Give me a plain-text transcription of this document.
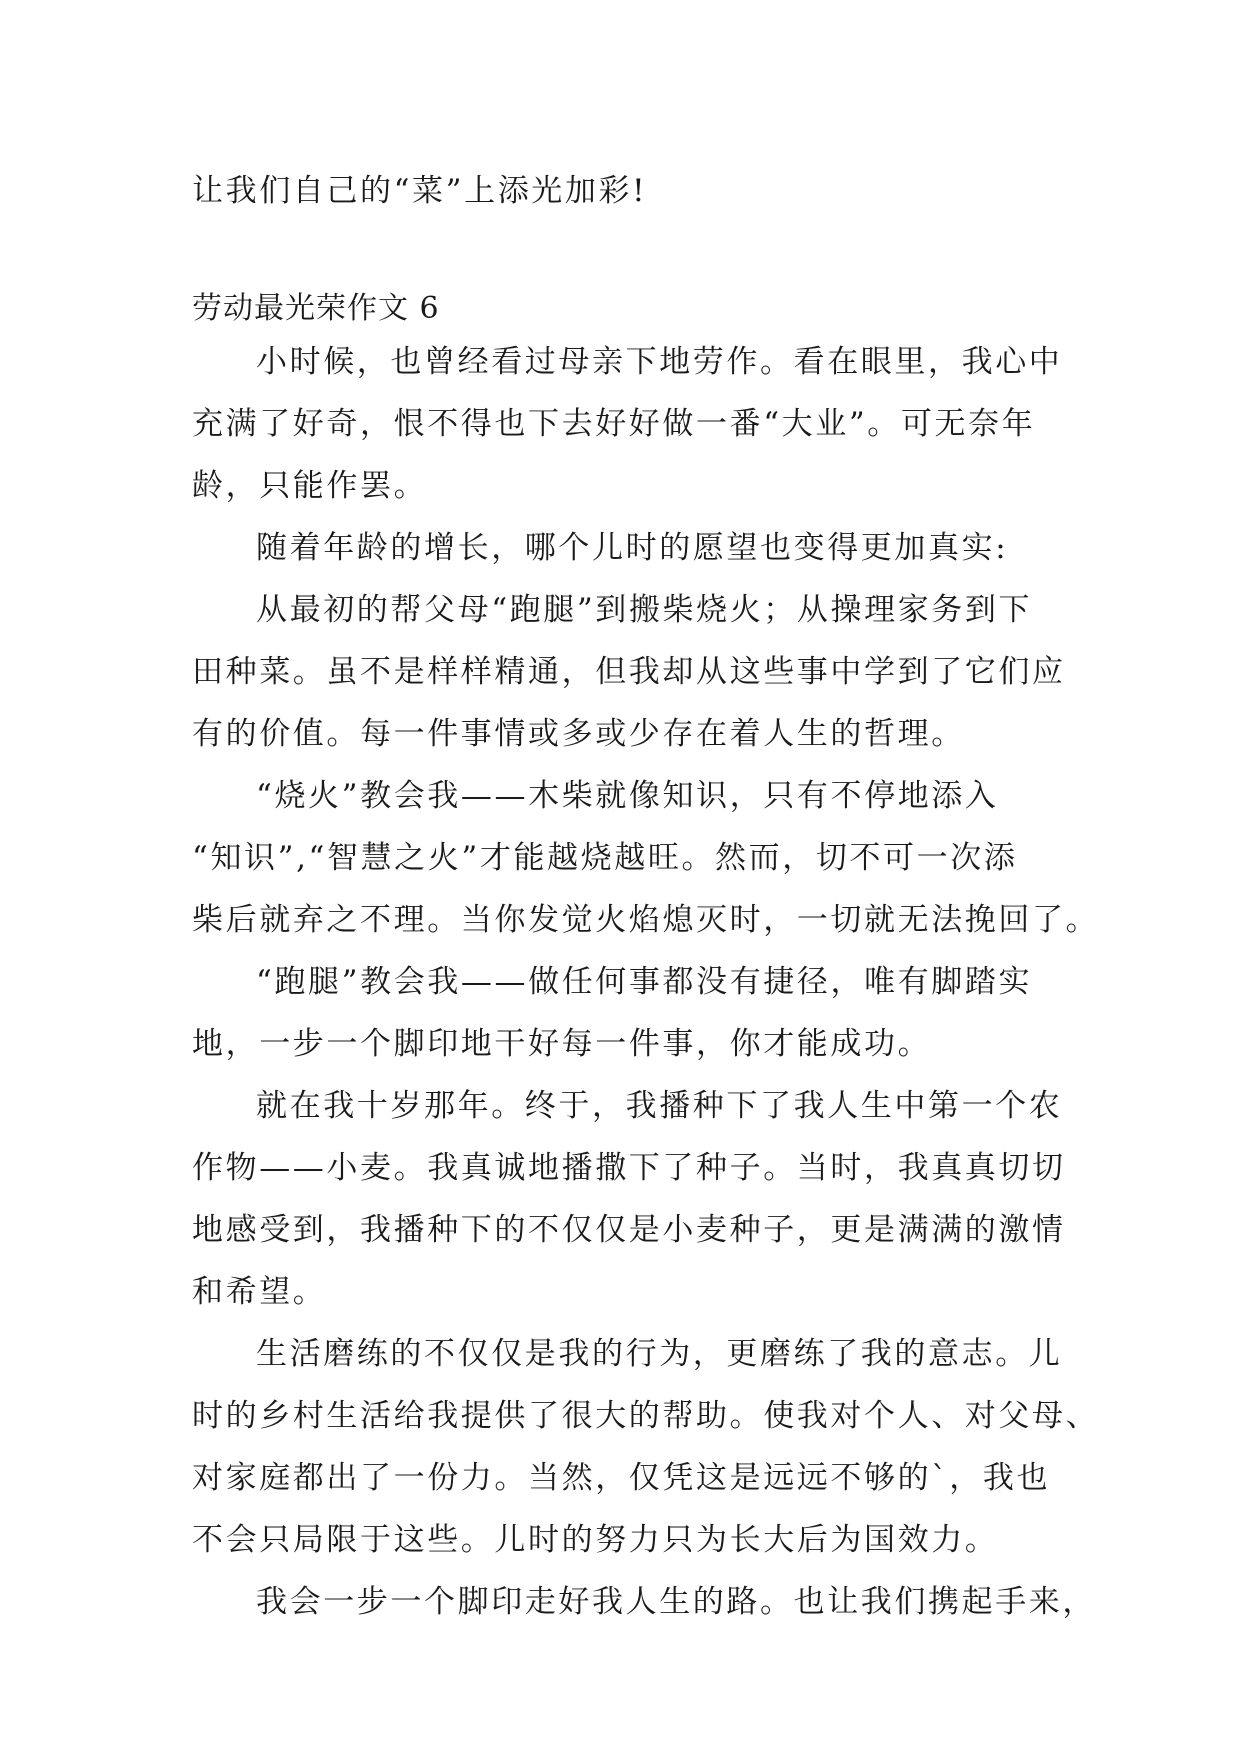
让我们自己的“菜”上添光加彩!
劳动最光荣作文 6
小时候，也曾经看过母亲下地劳作。看在眼里，我心中
充满了好奇，恨不得也下去好好做一番“大业”。可无奈年
龄，只能作罢。
随着年龄的增长，哪个儿时的愿望也变得更加真实:
从最初的帮父母“跑腿”到搬柴烧火；从操理家务到下
田种菜。虽不是样样精通，但我却从这些事中学到了它们应
有的价值。每一件事情或多或少存在着人生的哲理。
“烧火”教会我——木柴就像知识，只有不停地添入
“知识”,“智慧之火”才能越烧越旺。然而，切不可一次添
柴后就弃之不理。当你发觉火焰熄灭时，一切就无法挽回了。
“跑腿”教会我——做任何事都没有捷径，唯有脚踏实
地，一步一个脚印地干好每一件事，你才能成功。
就在我十岁那年。终于，我播种下了我人生中第一个农
作物——小麦。我真诚地播撒下了种子。当时，我真真切切
地感受到，我播种下的不仅仅是小麦种子，更是满满的激情
和希望。
生活磨练的不仅仅是我的行为，更磨练了我的意志。儿
时的乡村生活给我提供了很大的帮助。使我对个人、对父母、
对家庭都出了一份力。当然，仅凭这是远远不够的`，我也
不会只局限于这些。儿时的努力只为长大后为国效力。
我会一步一个脚印走好我人生的路。也让我们携起手来，
